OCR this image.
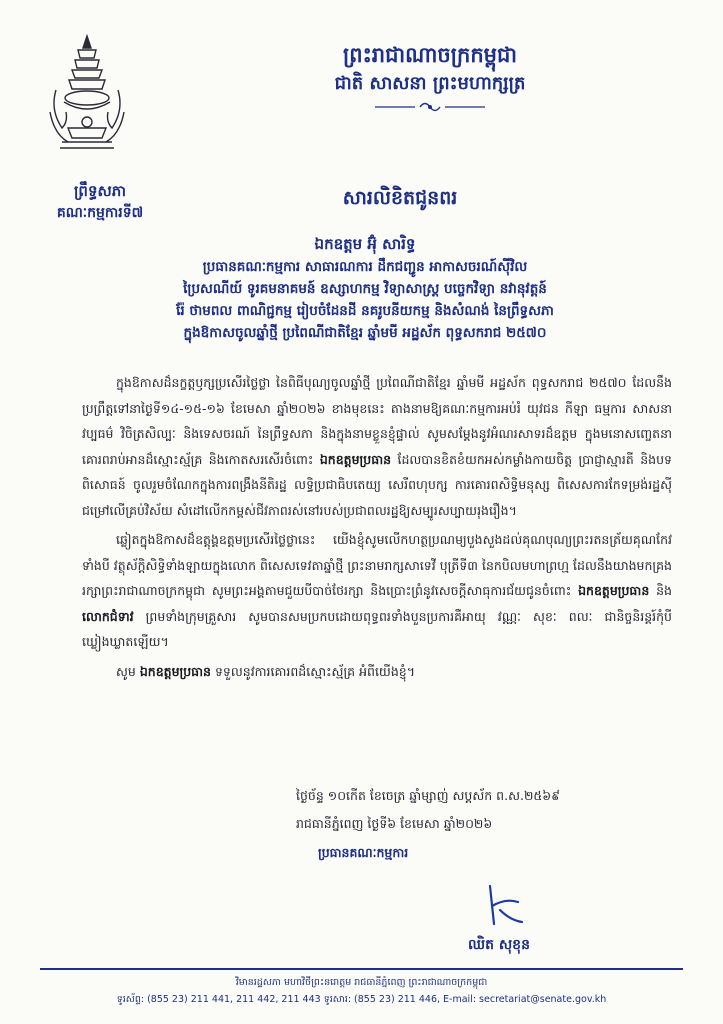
ព្រះរាជាណាចក្រកម្ពុជា
ជាតិ សាសនា ព្រះមហាក្សត្រ
ព្រឹទ្ធសភា
គណៈកម្មការទី៧
សារលិខិតជូនពរ
ឯកឧត្តម អ៊ុំ សារិទ្ធ
ប្រធានគណៈកម្មការ សាធារណការ ដឹកជញ្ជូន អាកាសចរណ៍ស៊ីវិល
ប្រៃសណីយ៍ ទូរគមនាគមន៍ ឧស្សាហកម្ម វិទ្យាសាស្ត្រ បច្ចេកវិទ្យា នវានុវត្តន៍
រ៉ែ ថាមពល ពាណិជ្ជកម្ម រៀបចំដែនដី នគរូបនីយកម្ម និងសំណង់ នៃព្រឹទ្ធសភា
ក្នុងឱកាសចូលឆ្នាំថ្មី ប្រពៃណីជាតិខ្មែរ ឆ្នាំមមី អដ្ឋស័ក ពុទ្ធសករាជ ២៥៧០

ក្នុងឱកាសដ៏នក្ខត្តឫក្សប្រសើរថ្លៃថ្លា នៃពិធីបុណ្យចូលឆ្នាំថ្មី ប្រពៃណីជាតិខ្មែរ ឆ្នាំមមី អដ្ឋស័ក ពុទ្ធសករាជ ២៥៧០ ដែលនឹងប្រព្រឹត្តទៅនាថ្ងៃទី១៤-១៥-១៦ ខែមេសា ឆ្នាំ២០២៦ ខាងមុខនេះ តាងនាមឱ្យគណៈកម្មការអប់រំ យុវជន កីឡា ធម្មការ សាសនា វប្បធម៌ វិចិត្រសិល្បៈ និងទេសចរណ៍ នៃព្រឹទ្ធសភា និងក្នុងនាមខ្លួនខ្ញុំផ្ទាល់ សូមសម្តែងនូវអំណរសាទរដ៏ឧត្តម ក្នុងមនោសញ្ចេតនាគោរពរាប់អានដ៏ស្មោះស្ម័គ្រ និងកោតសរសើរចំពោះ ឯកឧត្តមប្រធាន ដែលបានខិតខំយកអស់កម្លាំងកាយចិត្ត ប្រាជ្ញាស្មារតី និងបទពិសោធន៍ ចូលរួមចំណែកក្នុងការពង្រឹងនីតិរដ្ឋ លទ្ធិប្រជាធិបតេយ្យ សេរីពហុបក្ស ការគោរពសិទ្ធិមនុស្ស ពិសេសការកែទម្រង់រដ្ឋស៊ីជម្រៅលើគ្រប់វិស័យ សំដៅលើកកម្ពស់ជីវភាពរស់នៅរបស់ប្រជាពលរដ្ឋឱ្យសម្បូរសប្បាយរុងរឿង។

ឆ្លៀតក្នុងឱកាសដ៏ឧត្តុង្គឧត្តមប្រសើរថ្លៃថ្លានេះ យើងខ្ញុំសូមលើកហត្ថប្រណម្យបួងសួងដល់គុណបុណ្យព្រះរតនត្រ័យគុណកែវទាំងបី វត្ថុស័ក្តិសិទ្ធិទាំងឡាយក្នុងលោក ពិសេសទេវតាឆ្នាំថ្មី ព្រះនាមរាក្សសាទេវី បុត្រីទី៣ នៃកបិលមហាព្រហ្ម ដែលនឹងយាងមកគ្រងរក្សាព្រះរាជាណាចក្រកម្ពុជា សូមព្រះអង្គតាមជួយបីបាច់ថែរក្សា និងប្រោះព្រំនូវសេចក្តីសាធុការជ័យជូនចំពោះ ឯកឧត្តមប្រធាន និង លោកជំទាវ ព្រមទាំងក្រុមគ្រួសារ សូមបានសមប្រកបដោយពុទ្ធពរទាំងបួនប្រការគឺអាយុ វណ្ណៈ សុខៈ ពលៈ ជានិច្ចនិរន្តរ៍កុំបីឃ្លៀងឃ្លាតឡើយ។

សូម ឯកឧត្តមប្រធាន ទទួលនូវការគោរពដ៏ស្មោះស្ម័គ្រ អំពីយើងខ្ញុំ។

ថ្ងៃច័ន្ទ ១០កើត ខែចេត្រ ឆ្នាំម្សាញ់ សប្តស័ក ព.ស.២៥៦៩
រាជធានីភ្នំពេញ ថ្ងៃទី៦ ខែមេសា ឆ្នាំ២០២៦
ប្រធានគណៈកម្មការ
ឈិត សុខុន
វិមានរដ្ឋសភា មហាវិថីព្រះនរោត្តម រាជធានីភ្នំពេញ ព្រះរាជាណាចក្រកម្ពុជា
ទូរស័ព្ទ: (855 23) 211 441, 211 442, 211 443 ទូរសារ: (855 23) 211 446, E-mail: secretariat@senate.gov.kh
